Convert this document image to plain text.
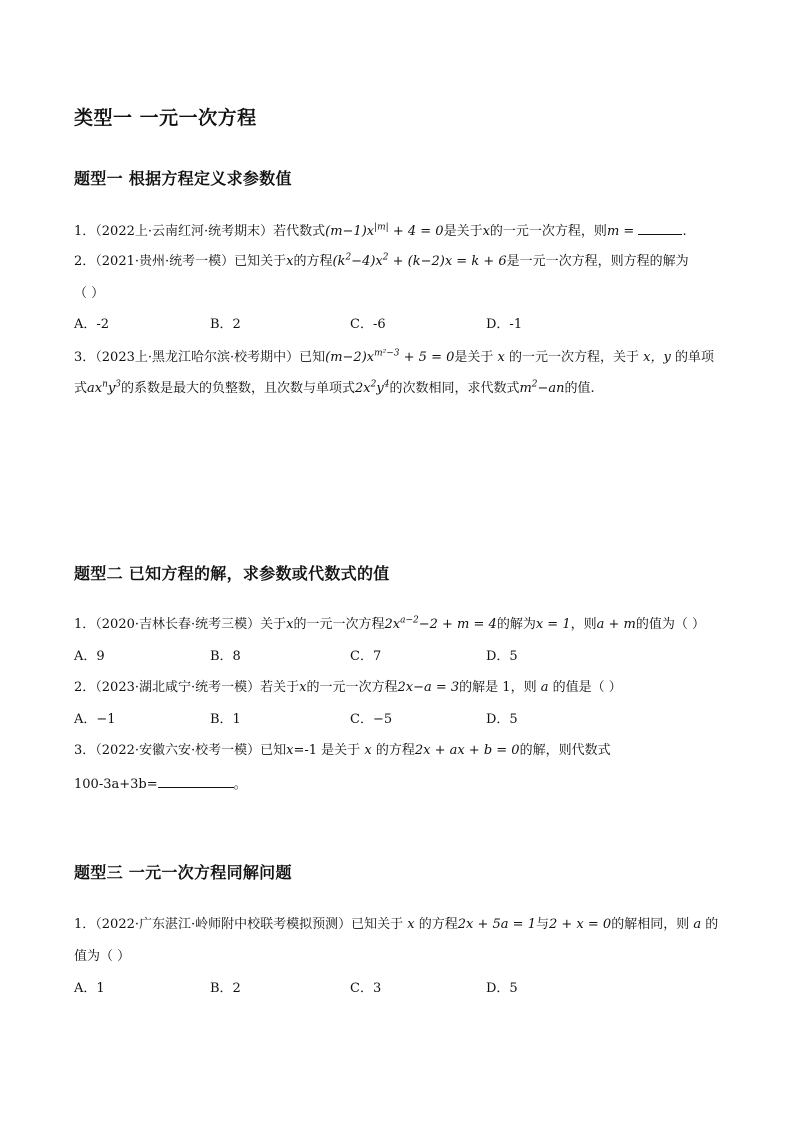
类型一 一元一次方程
题型一 根据方程定义求参数值
1．（2022上·云南红河·统考期末）若代数式$(m-1)x^{|m|} + 4 = 0$是关于x的一元一次方程，则m =	.
2．（2021·贵州·统考一模）已知关于x的方程$(k^2-4)x^2 + (k-2)x = k + 6$是一元一次方程，则方程的解为
（ ）
A．-2	B．2	C．-6	D．-1
3．（2023上·黑龙江哈尔滨·校考期中）已知$(m-2)x^{m^2-3} + 5 = 0$是关于 x 的一元一次方程，关于 x，y 的单项
式$ax^ny^3$的系数是最大的负整数，且次数与单项式$2x^2y^4$的次数相同，求代数式$m^2-an$的值.
题型二 已知方程的解，求参数或代数式的值
1．（2020·吉林长春·统考三模）关于x的一元一次方程$2x^{a-2}-2 + m = 4$的解为x = 1，则a + m的值为（ ）
A．9	B．8	C．7	D．5
2．（2023·湖北咸宁·统考一模）若关于x的一元一次方程2x−a = 3的解是 1，则 a 的值是（ ）
A．−1	B．1	C．−5	D．5
3．（2022·安徽六安·校考一模）已知x=‑1 是关于 x 的方程2x + ax + b = 0的解，则代数式
100-3a+3b=	。
题型三 一元一次方程同解问题
1．（2022·广东湛江·岭师附中校联考模拟预测）已知关于 x 的方程2x + 5a = 1与2 + x = 0的解相同，则 a 的
值为（ ）
A．1	B．2	C．3	D．5
